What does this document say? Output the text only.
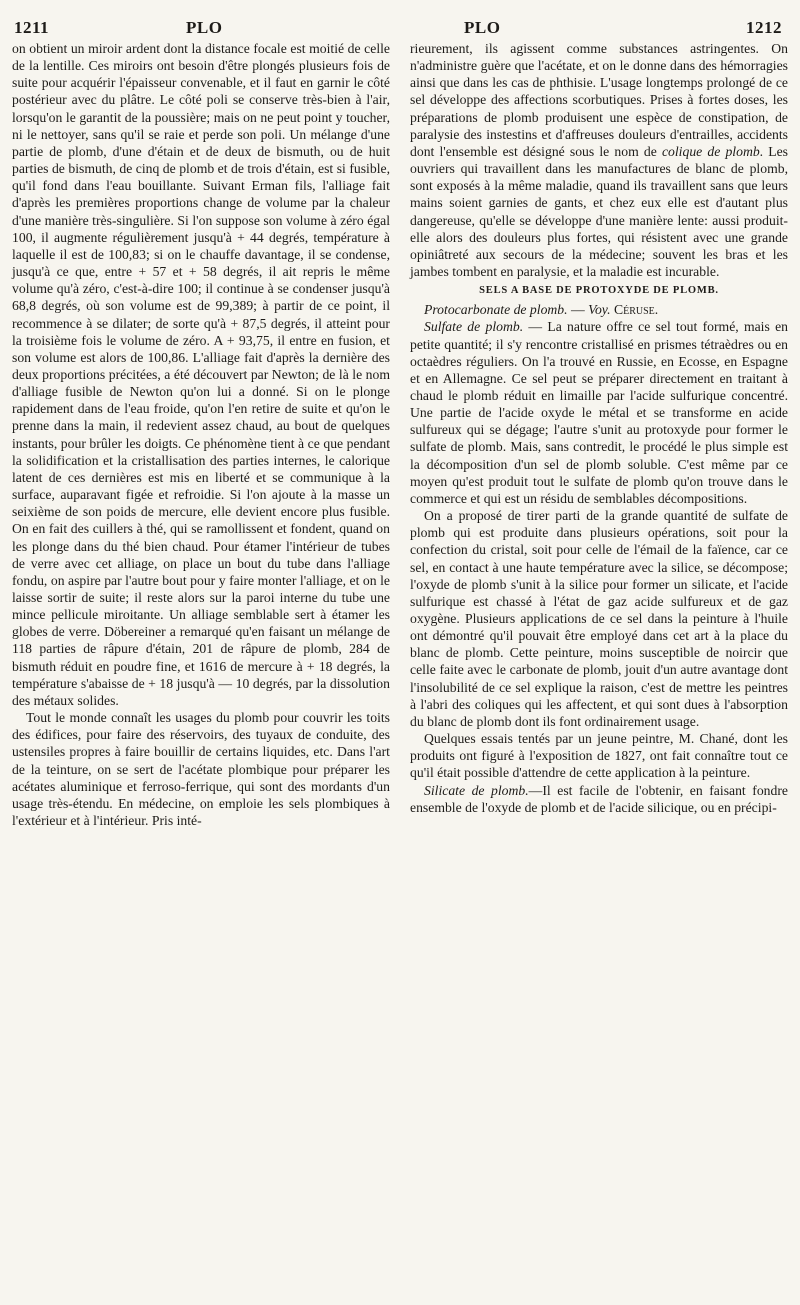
1211	PLO	PLO	1212

on obtient un miroir ardent dont la distance focale est moitié de celle de la lentille. Ces miroirs ont besoin d'être plongés plusieurs fois de suite pour acquérir l'épaisseur convenable, et il faut en garnir le côté postérieur avec du plâtre. Le côté poli se conserve très-bien à l'air, lorsqu'on le garantit de la poussière; mais on ne peut point y toucher, ni le nettoyer, sans qu'il se raie et perde son poli. Un mélange d'une partie de plomb, d'une d'étain et de deux de bismuth, ou de huit parties de bismuth, de cinq de plomb et de trois d'étain, est si fusible, qu'il fond dans l'eau bouillante. Suivant Erman fils, l'alliage fait d'après les premières proportions change de volume par la chaleur d'une manière très-singulière. Si l'on suppose son volume à zéro égal 100, il augmente régulièrement jusqu'à + 44 degrés, température à laquelle il est de 100,83; si on le chauffe davantage, il se condense, jusqu'à ce que, entre + 57 et + 58 degrés, il ait repris le même volume qu'à zéro, c'est-à-dire 100; il continue à se condenser jusqu'à 68,8 degrés, où son volume est de 99,389; à partir de ce point, il recommence à se dilater; de sorte qu'à + 87,5 degrés, il atteint pour la troisième fois le volume de zéro. A + 93,75, il entre en fusion, et son volume est alors de 100,86. L'alliage fait d'après la dernière des deux proportions précitées, a été découvert par Newton; de là le nom d'alliage fusible de Newton qu'on lui a donné. Si on le plonge rapidement dans de l'eau froide, qu'on l'en retire de suite et qu'on le prenne dans la main, il redevient assez chaud, au bout de quelques instants, pour brûler les doigts. Ce phénomène tient à ce que pendant la solidification et la cristallisation des parties internes, le calorique latent de ces dernières est mis en liberté et se communique à la surface, auparavant figée et refroidie. Si l'on ajoute à la masse un seixième de son poids de mercure, elle devient encore plus fusible. On en fait des cuillers à thé, qui se ramollissent et fondent, quand on les plonge dans du thé bien chaud. Pour étamer l'intérieur de tubes de verre avec cet alliage, on place un bout du tube dans l'alliage fondu, on aspire par l'autre bout pour y faire monter l'alliage, et on le laisse sortir de suite; il reste alors sur la paroi interne du tube une mince pellicule miroitante. Un alliage semblable sert à étamer les globes de verre. Döbereiner a remarqué qu'en faisant un mélange de 118 parties de râpure d'étain, 201 de râpure de plomb, 284 de bismuth réduit en poudre fine, et 1616 de mercure à + 18 degrés, la température s'abaisse de + 18 jusqu'à — 10 degrés, par la dissolution des métaux solides.

Tout le monde connaît les usages du plomb pour couvrir les toits des édifices, pour faire des réservoirs, des tuyaux de conduite, des ustensiles propres à faire bouillir de certains liquides, etc. Dans l'art de la teinture, on se sert de l'acétate plombique pour préparer les acétates aluminique et ferroso-ferrique, qui sont des mordants d'un usage très-étendu. En médecine, on emploie les sels plombiques à l'extérieur et à l'intérieur. Pris inté-

rieurement, ils agissent comme substances astringentes. On n'administre guère que l'acétate, et on le donne dans des hémorragies ainsi que dans les cas de phthisie. L'usage longtemps prolongé de ce sel développe des affections scorbutiques. Prises à fortes doses, les préparations de plomb produisent une espèce de constipation, de paralysie des instestins et d'affreuses douleurs d'entrailles, accidents dont l'ensemble est désigné sous le nom de colique de plomb. Les ouvriers qui travaillent dans les manufactures de blanc de plomb, sont exposés à la même maladie, quand ils travaillent sans que leurs mains soient garnies de gants, et chez eux elle est d'autant plus dangereuse, qu'elle se développe d'une manière lente: aussi produit-elle alors des douleurs plus fortes, qui résistent avec une grande opiniâtreté aux secours de la médecine; souvent les bras et les jambes tombent en paralysie, et la maladie est incurable.

SELS A BASE DE PROTOXYDE DE PLOMB.

Protocarbonate de plomb. — Voy. Céruse.

Sulfate de plomb. — La nature offre ce sel tout formé, mais en petite quantité; il s'y rencontre cristallisé en prismes tétraèdres ou en octaèdres réguliers. On l'a trouvé en Russie, en Ecosse, en Espagne et en Allemagne. Ce sel peut se préparer directement en traitant à chaud le plomb réduit en limaille par l'acide sulfurique concentré. Une partie de l'acide oxyde le métal et se transforme en acide sulfureux qui se dégage; l'autre s'unit au protoxyde pour former le sulfate de plomb. Mais, sans contredit, le procédé le plus simple est la décomposition d'un sel de plomb soluble. C'est même par ce moyen qu'est produit tout le sulfate de plomb qu'on trouve dans le commerce et qui est un résidu de semblables décompositions.

On a proposé de tirer parti de la grande quantité de sulfate de plomb qui est produite dans plusieurs opérations, soit pour la confection du cristal, soit pour celle de l'émail de la faïence, car ce sel, en contact à une haute température avec la silice, se décompose; l'oxyde de plomb s'unit à la silice pour former un silicate, et l'acide sulfurique est chassé à l'état de gaz acide sulfureux et de gaz oxygène. Plusieurs applications de ce sel dans la peinture à l'huile ont démontré qu'il pouvait être employé dans cet art à la place du blanc de plomb. Cette peinture, moins susceptible de noircir que celle faite avec le carbonate de plomb, jouit d'un autre avantage dont l'insolubilité de ce sel explique la raison, c'est de mettre les peintres à l'abri des coliques qui les affectent, et qui sont dues à l'absorption du blanc de plomb dont ils font ordinairement usage.

Quelques essais tentés par un jeune peintre, M. Chané, dont les produits ont figuré à l'exposition de 1827, ont fait connaître tout ce qu'il était possible d'attendre de cette application à la peinture.

Silicate de plomb.—Il est facile de l'obtenir, en faisant fondre ensemble de l'oxyde de plomb et de l'acide silicique, ou en précipi-
